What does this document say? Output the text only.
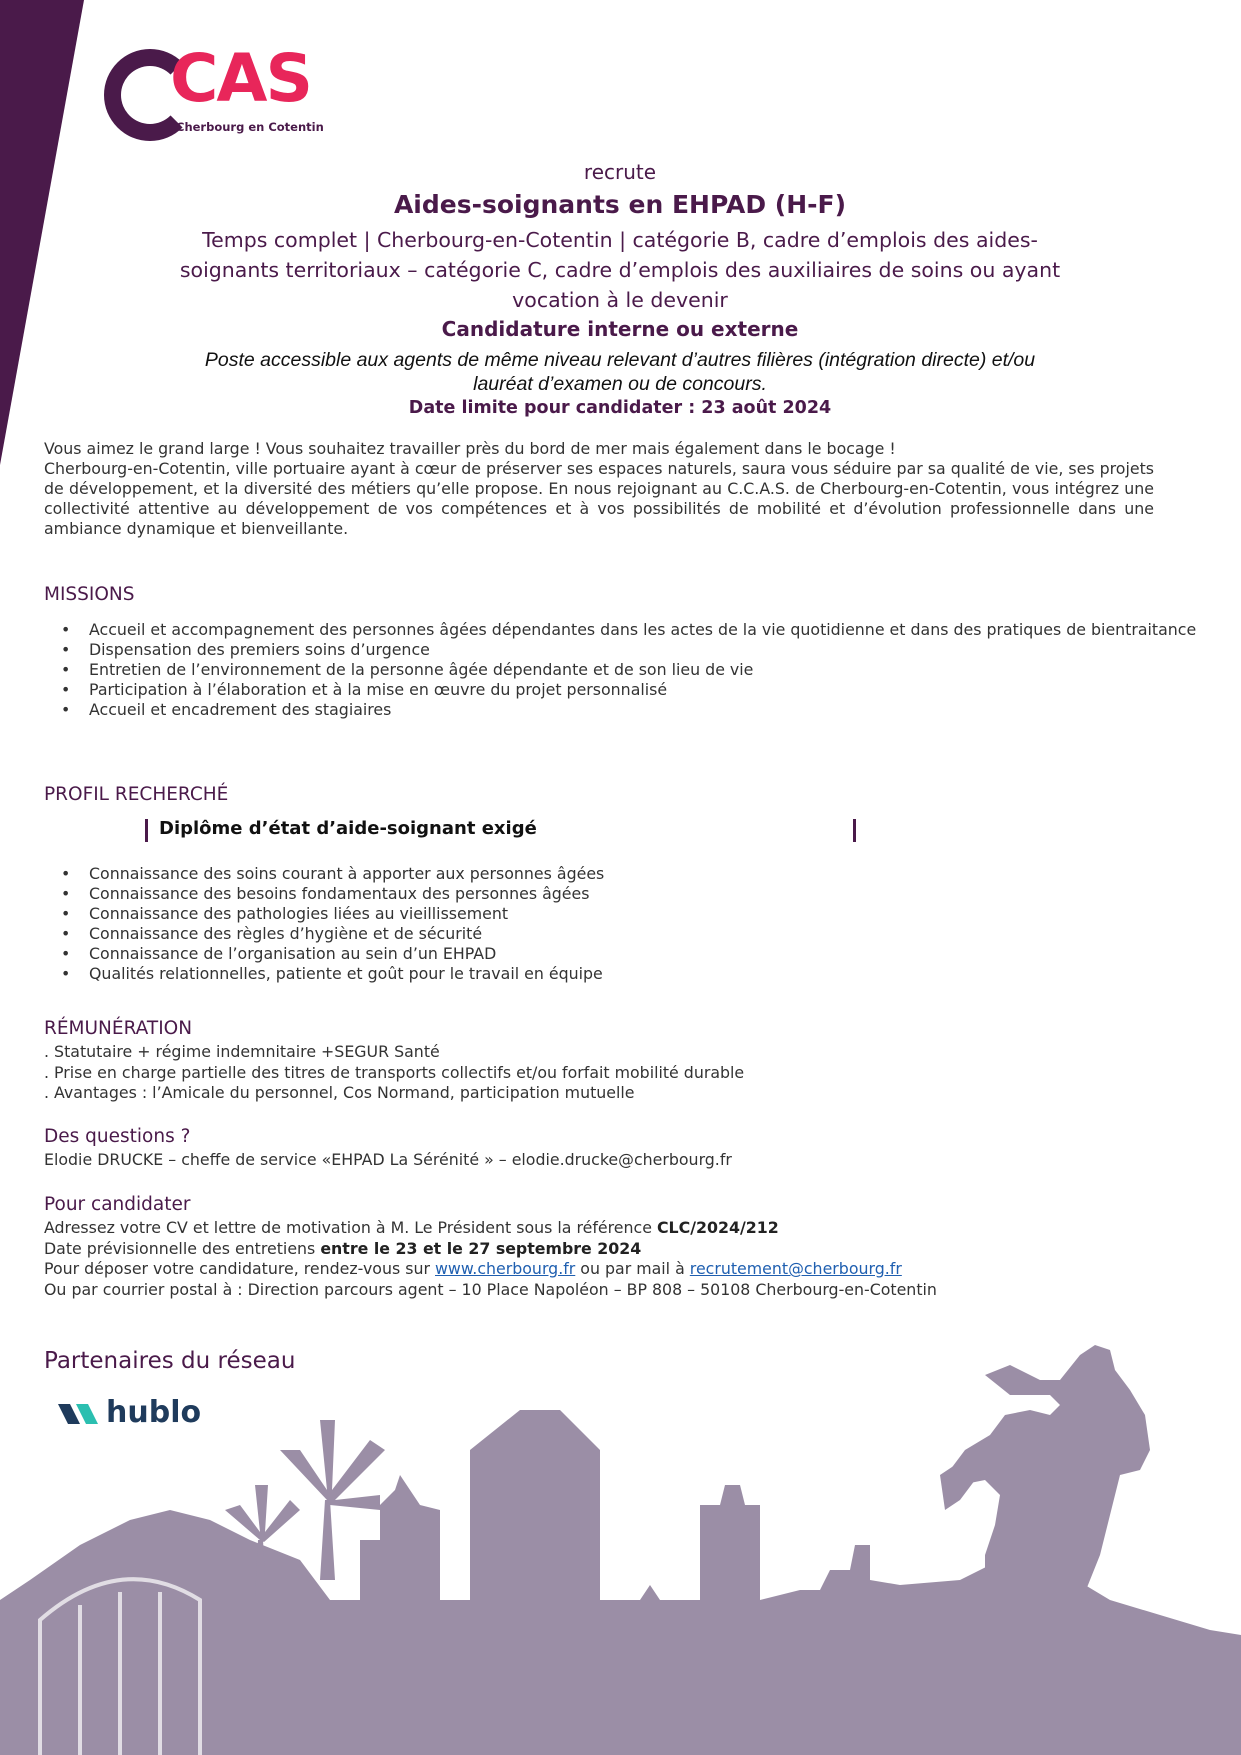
CAS
Cherbourg en Cotentin
recrute
Aides-soignants en EHPAD (H-F)
Temps complet | Cherbourg-en-Cotentin | catégorie B, cadre d’emplois des aides-
soignants territoriaux – catégorie C, cadre d’emplois des auxiliaires de soins ou ayant
vocation à le devenir
Candidature interne ou externe
Poste accessible aux agents de même niveau relevant d’autres filières (intégration directe) et/ou
lauréat d’examen ou de concours.
Date limite pour candidater : 23 août 2024

Vous aimez le grand large ! Vous souhaitez travailler près du bord de mer mais également dans le bocage !

Cherbourg-en-Cotentin, ville portuaire ayant à cœur de préserver ses espaces naturels, saura vous séduire par sa qualité de vie, ses projets de développement, et la diversité des métiers qu’elle propose. En nous rejoignant au C.C.A.S. de Cherbourg-en-Cotentin, vous intégrez une collectivité attentive au développement de vos compétences et à vos possibilités de mobilité et d’évolution professionnelle dans une ambiance dynamique et bienveillante.

MISSIONS
• Accueil et accompagnement des personnes âgées dépendantes dans les actes de la vie quotidienne et dans des pratiques de bientraitance
• Dispensation des premiers soins d’urgence
• Entretien de l’environnement de la personne âgée dépendante et de son lieu de vie
• Participation à l’élaboration et à la mise en œuvre du projet personnalisé
• Accueil et encadrement des stagiaires
PROFIL RECHERCHÉ
Diplôme d’état d’aide-soignant exigé
• Connaissance des soins courant à apporter aux personnes âgées
• Connaissance des besoins fondamentaux des personnes âgées
• Connaissance des pathologies liées au vieillissement
• Connaissance des règles d’hygiène et de sécurité
• Connaissance de l’organisation au sein d’un EHPAD
• Qualités relationnelles, patiente et goût pour le travail en équipe
RÉMUNÉRATION
. Statutaire + régime indemnitaire +SEGUR Santé
. Prise en charge partielle des titres de transports collectifs et/ou forfait mobilité durable
. Avantages : l’Amicale du personnel, Cos Normand, participation mutuelle
Des questions ?
Elodie DRUCKE – cheffe de service «EHPAD La Sérénité » – elodie.drucke@cherbourg.fr
Pour candidater
Adressez votre CV et lettre de motivation à M. Le Président sous la référence CLC/2024/212
Date prévisionnelle des entretiens entre le 23 et le 27 septembre 2024
Pour déposer votre candidature, rendez-vous sur www.cherbourg.fr ou par mail à recrutement@cherbourg.fr
Ou par courrier postal à : Direction parcours agent – 10 Place Napoléon – BP 808 – 50108 Cherbourg-en-Cotentin
Partenaires du réseau
hublo
